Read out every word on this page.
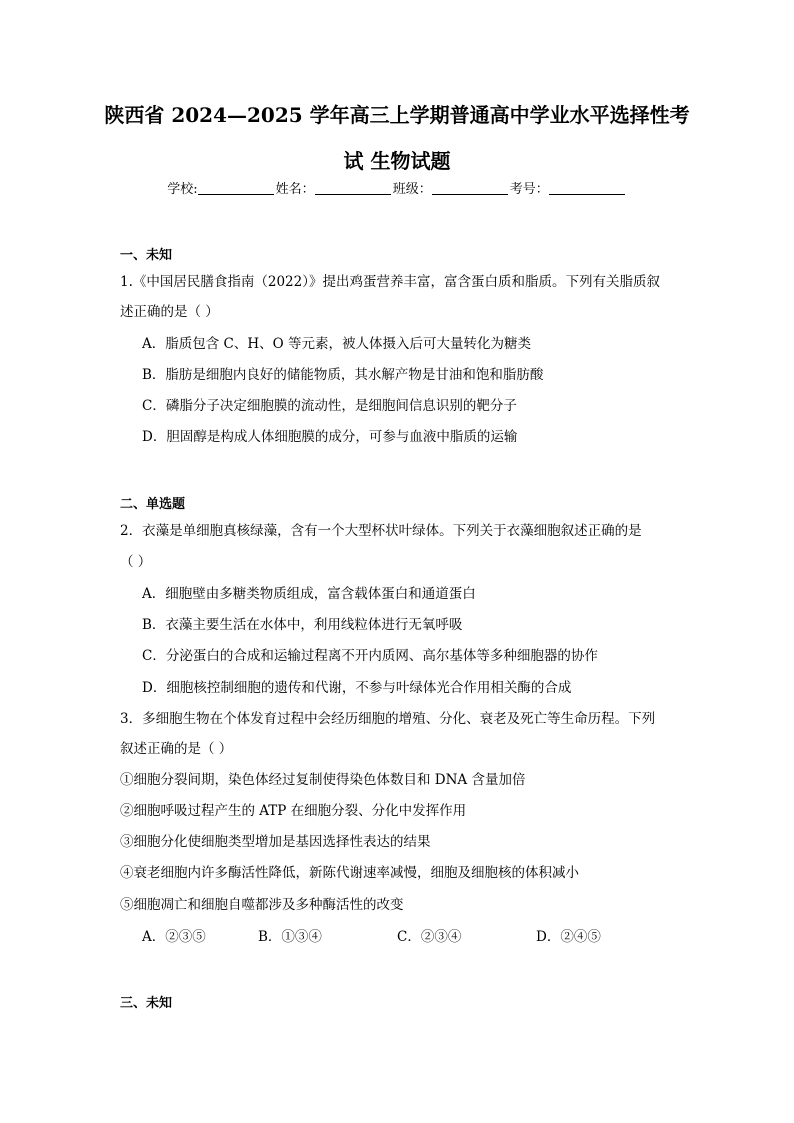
陕西省 2024—2025 学年高三上学期普通高中学业水平选择性考
试 生物试题
学校:	姓名：	班级：	考号：
一、未知
1.《中国居民膳食指南（2022）》提出鸡蛋营养丰富，富含蛋白质和脂质。下列有关脂质叙
述正确的是（ ）
A．脂质包含 C、H、O 等元素，被人体摄入后可大量转化为糖类
B．脂肪是细胞内良好的储能物质，其水解产物是甘油和饱和脂肪酸
C．磷脂分子决定细胞膜的流动性，是细胞间信息识别的靶分子
D．胆固醇是构成人体细胞膜的成分，可参与血液中脂质的运输
二、单选题
2．衣藻是单细胞真核绿藻，含有一个大型杯状叶绿体。下列关于衣藻细胞叙述正确的是
（ ）
A．细胞壁由多糖类物质组成，富含载体蛋白和通道蛋白
B．衣藻主要生活在水体中，利用线粒体进行无氧呼吸
C．分泌蛋白的合成和运输过程离不开内质网、高尔基体等多种细胞器的协作
D．细胞核控制细胞的遗传和代谢，不参与叶绿体光合作用相关酶的合成
3．多细胞生物在个体发育过程中会经历细胞的增殖、分化、衰老及死亡等生命历程。下列
叙述正确的是（ ）
①细胞分裂间期，染色体经过复制使得染色体数目和 DNA 含量加倍
②细胞呼吸过程产生的 ATP 在细胞分裂、分化中发挥作用
③细胞分化使细胞类型增加是基因选择性表达的结果
④衰老细胞内许多酶活性降低，新陈代谢速率减慢，细胞及细胞核的体积减小
⑤细胞凋亡和细胞自噬都涉及多种酶活性的改变
A．②③⑤	B．①③④	C．②③④	D．②④⑤
三、未知
